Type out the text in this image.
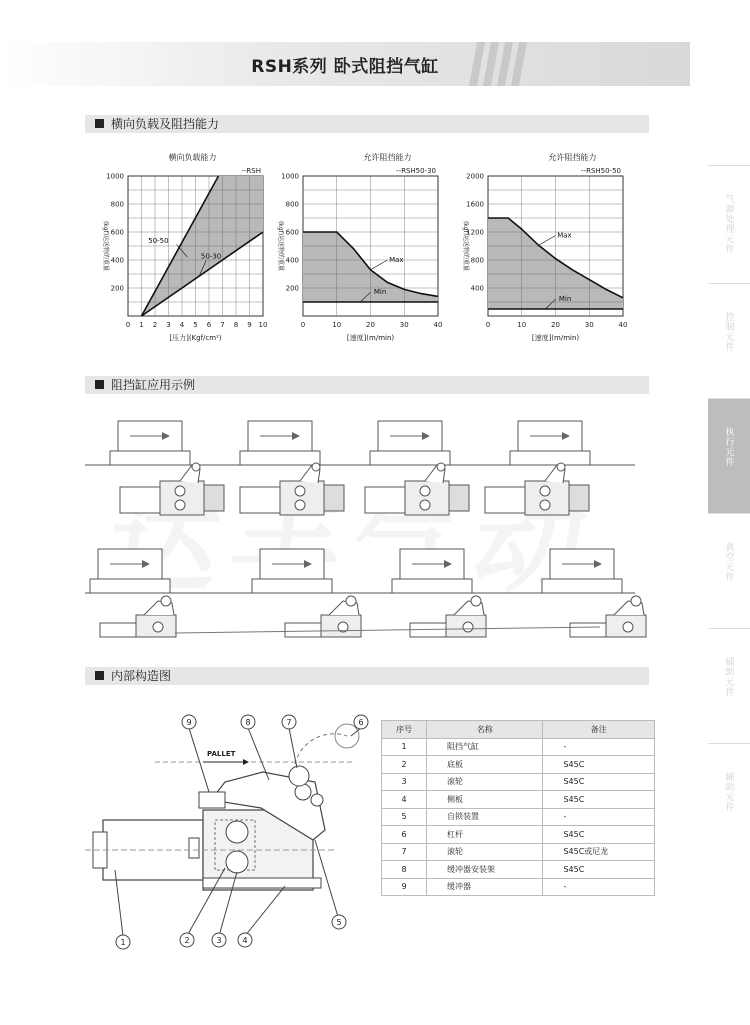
RSH系列 卧式阻挡气缸
气源处理元件
控制元件
执行元件
真空元件
辅助元件
辅助元件
横向负载及阻挡能力
横向负载能力
0 1 2 3 4 5 6 7 8 9 10
200
400
600
800
1000
--RSH
[压力](Kgf/cm²)
(kgf)运送物的重量	50-50
50-30
允许阻挡能力
0	10	20	30	40
200
400
600
800
1000
--RSH50-30
[速度](m/min)
(kgf)运送物的重量	Max
Min
允许阻挡能力
0	10	20	30	40
400
800
1200
1600
2000
--RSH50-50
[速度](m/min)
(kgf)运送物的重量	Max
Min
阻挡缸应用示例
内部构造图
PALLET
1	2	3	4
5
6
7
8
9
序号	名称	备注
1	阻挡气缸	-
2	底板	S45C
3	滚轮	S45C
4	侧板	S45C
5	自锁装置	-
6	杠杆	S45C
7	滚轮	S45C或尼龙
8	缓冲器安装架	S45C
9	缓冲器	-
